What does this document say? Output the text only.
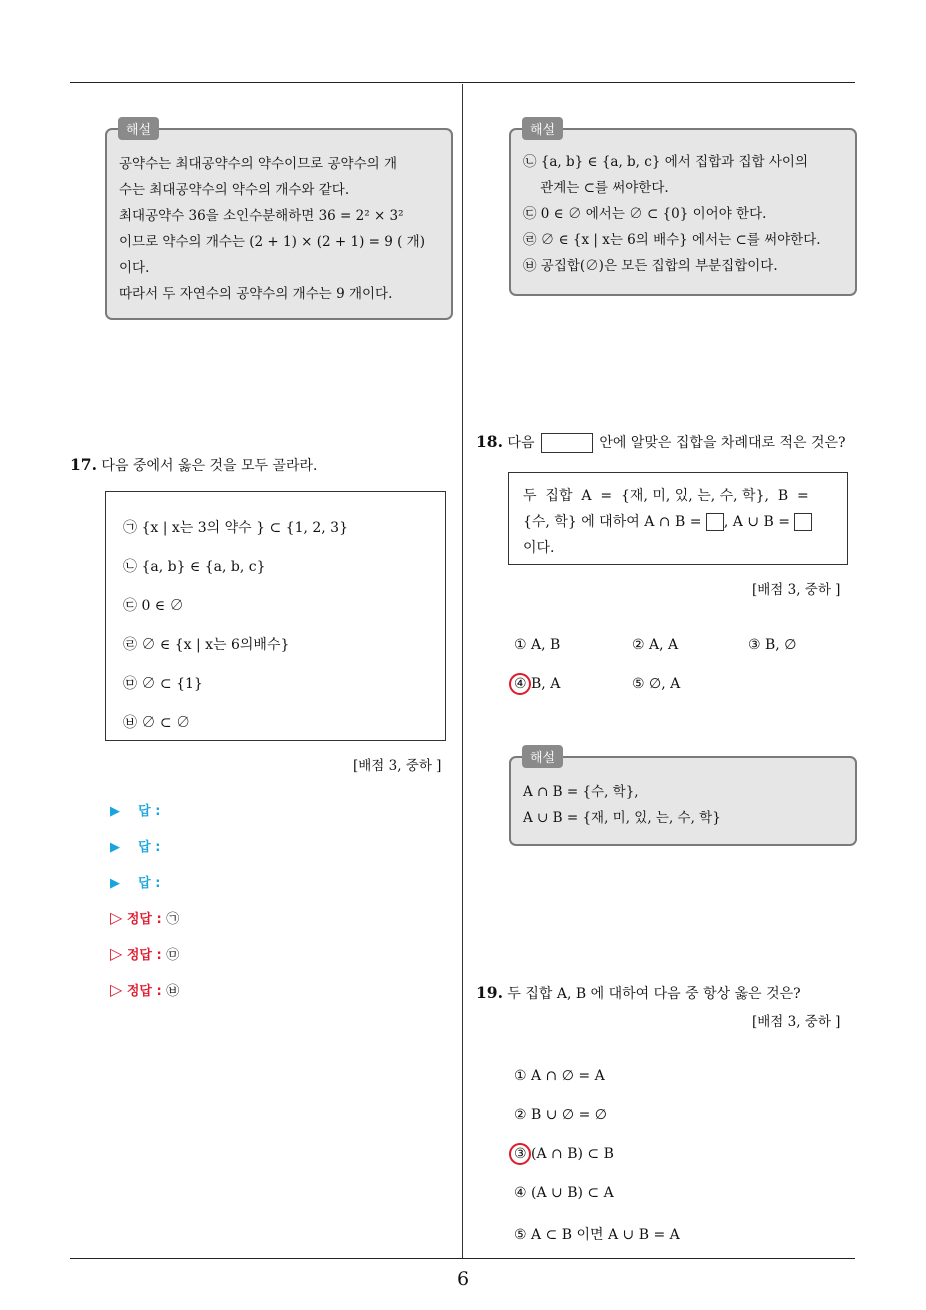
공약수는 최대공약수의 약수이므로 공약수의 개
수는 최대공약수의 약수의 개수와 같다.
최대공약수 36을 소인수분해하면 36 = 2² × 3²
이므로 약수의 개수는 (2 + 1) × (2 + 1) = 9 ( 개)
이다.
따라서 두 자연수의 공약수의 개수는 9 개이다.
해설
17. 다음 중에서 옳은 것을 모두 골라라.
㉠ {x | x는 3의 약수 } ⊂ {1, 2, 3}
㉡ {a, b} ∈ {a, b, c}
㉢ 0 ∈ ∅
㉣ ∅ ∈ {x | x는 6의배수}
㉤ ∅ ⊂ {1}
㉥ ∅ ⊂ ∅
[배점 3, 중하 ]
▶ 답 :
▶ 답 :
▶ 답 :
▷ 정답 : ㉠
▷ 정답 : ㉤
▷ 정답 : ㉥
㉡ {a, b} ∈ {a, b, c} 에서 집합과 집합 사이의
관계는 ⊂를 써야한다.
㉢ 0 ∈ ∅ 에서는 ∅ ⊂ {0} 이어야 한다.
㉣ ∅ ∈ {x | x는 6의 배수} 에서는 ⊂를 써야한다.
㉥ 공집합(∅)은 모든 집합의 부분집합이다.
해설
18. 다음	안에 알맞은 집합을 차례대로 적은 것은?
두  집합  A  =  {재, 미, 있, 는, 수, 학},  B  =
{수, 학} 에 대하여 A ∩ B = , A ∪ B =
이다.
[배점 3, 중하 ]
① A, B	② A, A	③ B, ∅
④ B, A	⑤ ∅, A
A ∩ B = {수, 학},
A ∪ B = {재, 미, 있, 는, 수, 학}
해설
19. 두 집합 A, B 에 대하여 다음 중 항상 옳은 것은?
[배점 3, 중하 ]
① A ∩ ∅ = A
② B ∪ ∅ = ∅
③ (A ∩ B) ⊂ B
④ (A ∪ B) ⊂ A
⑤ A ⊂ B 이면 A ∪ B = A
6
